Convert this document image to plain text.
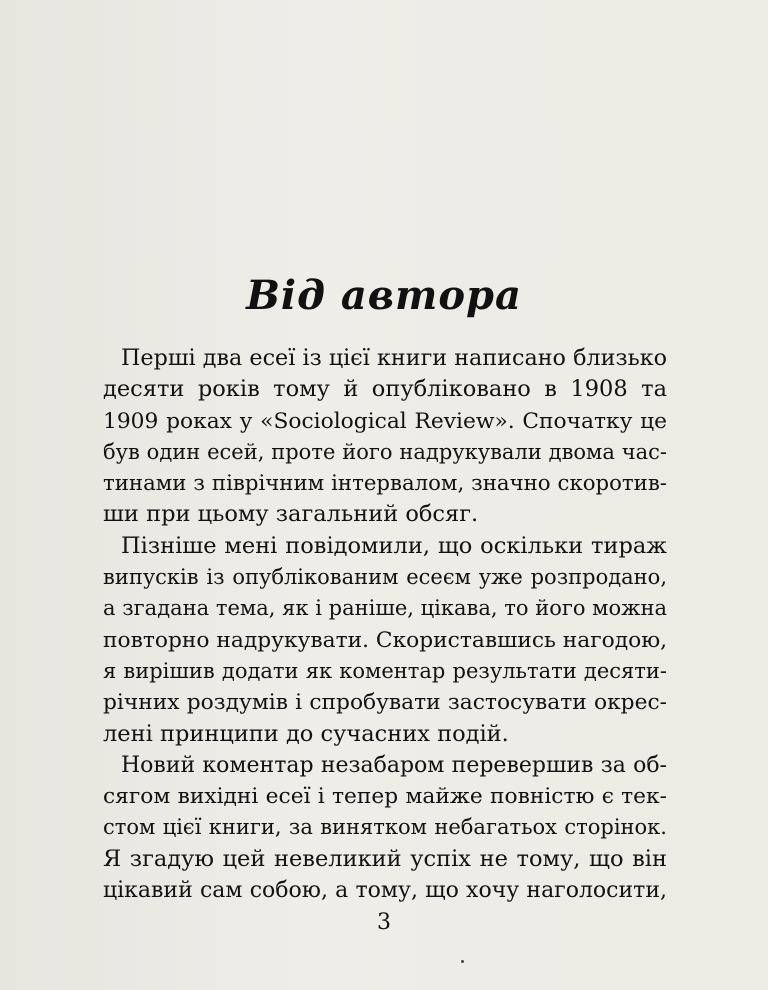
Від автора
Перші два есеї із цієї книги написано близько
десяти років тому й опубліковано в 1908 та
1909 роках у «Sociological Review». Спочатку це
був один есей, проте його надрукували двома час-
тинами з піврічним інтервалом, значно скоротив-
ши при цьому загальний обсяг.
Пізніше мені повідомили, що оскільки тираж
випусків із опублікованим есеєм уже розпродано,
а згадана тема, як і раніше, цікава, то його можна
повторно надрукувати. Скориставшись нагодою,
я вирішив додати як коментар результати десяти-
річних роздумів і спробувати застосувати окрес-
лені принципи до сучасних подій.
Новий коментар незабаром перевершив за об-
сягом вихідні есеї і тепер майже повністю є тек-
стом цієї книги, за винятком небагатьох сторінок.
Я згадую цей невеликий успіх не тому, що він
цікавий сам собою, а тому, що хочу наголосити,
3
